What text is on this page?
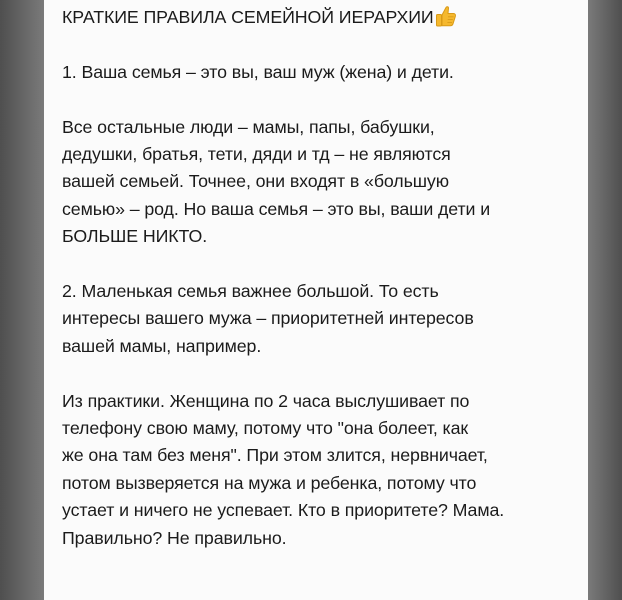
КРАТКИЕ ПРАВИЛА СЕМЕЙНОЙ ИЕРАРХИИ

1. Ваша семья – это вы, ваш муж (жена) и дети.

Все остальные люди – мамы, папы, бабушки,
дедушки, братья, тети, дяди и тд – не являются
вашей семьей. Точнее, они входят в «большую
семью» – род. Но ваша семья – это вы, ваши дети и
БОЛЬШЕ НИКТО.

2. Маленькая семья важнее большой. То есть
интересы вашего мужа – приоритетней интересов
вашей мамы, например.

Из практики. Женщина по 2 часа выслушивает по
телефону свою маму, потому что "она болеет, как
же она там без меня". При этом злится, нервничает,
потом вызверяется на мужа и ребенка, потому что
устает и ничего не успевает. Кто в приоритете? Мама.
Правильно? Не правильно.
